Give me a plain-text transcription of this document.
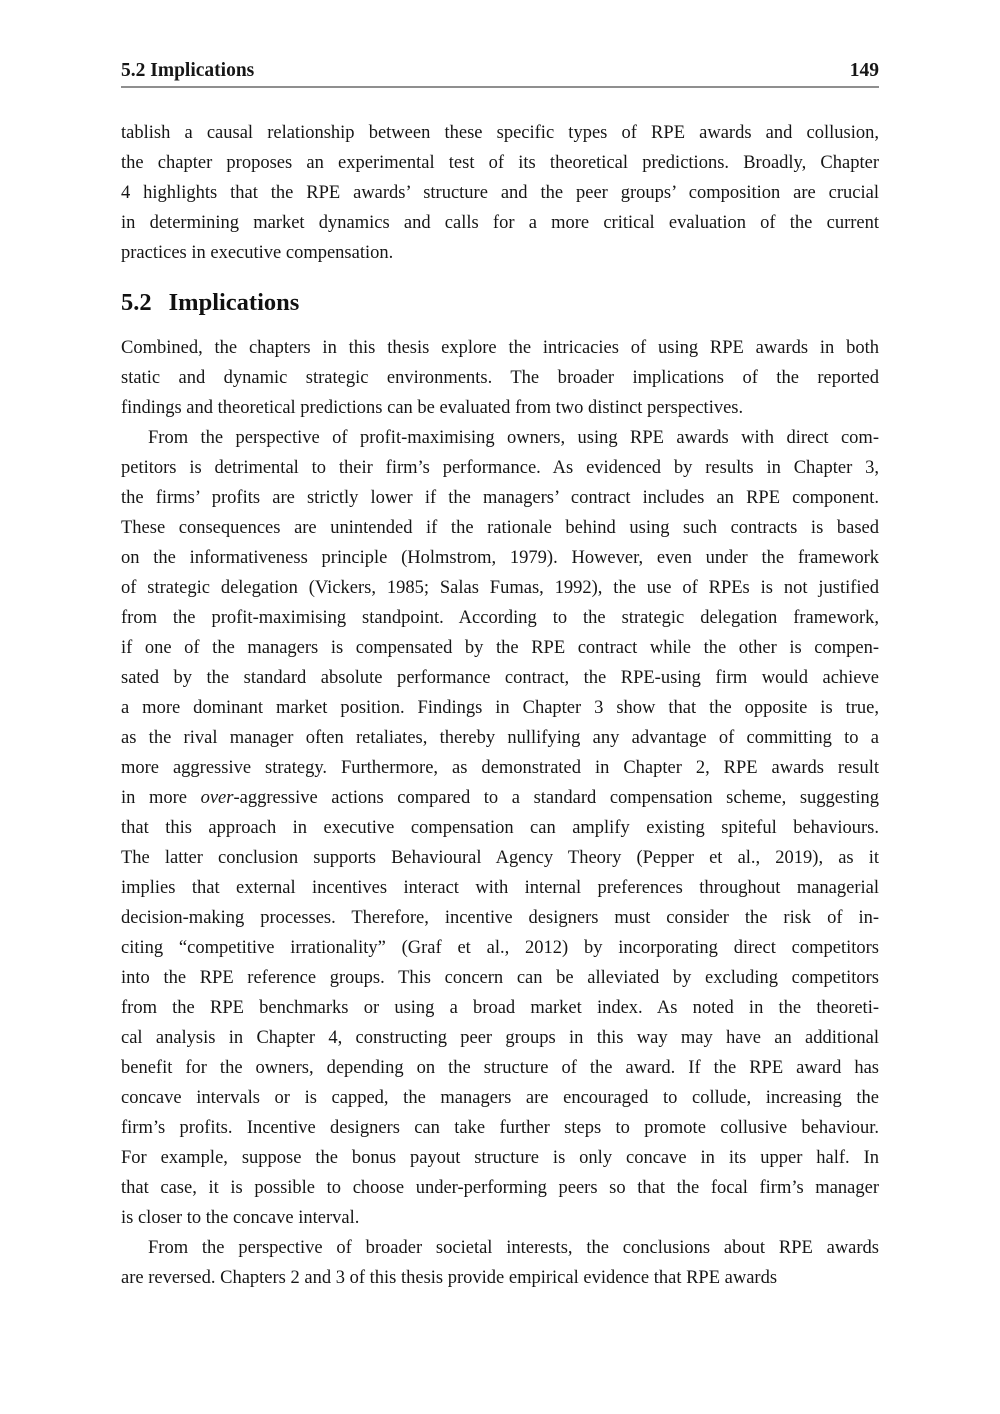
5.2 Implications	149
tablish a causal relationship between these specific types of RPE awards and collusion,
the chapter proposes an experimental test of its theoretical predictions. Broadly, Chapter
4 highlights that the RPE awards’ structure and the peer groups’ composition are crucial
in determining market dynamics and calls for a more critical evaluation of the current
practices in executive compensation.
5.2 Implications
Combined, the chapters in this thesis explore the intricacies of using RPE awards in both
static and dynamic strategic environments. The broader implications of the reported
findings and theoretical predictions can be evaluated from two distinct perspectives.
From the perspective of profit-maximising owners, using RPE awards with direct com-
petitors is detrimental to their firm’s performance. As evidenced by results in Chapter 3,
the firms’ profits are strictly lower if the managers’ contract includes an RPE component.
These consequences are unintended if the rationale behind using such contracts is based
on the informativeness principle (Holmstrom, 1979). However, even under the framework
of strategic delegation (Vickers, 1985; Salas Fumas, 1992), the use of RPEs is not justified
from the profit-maximising standpoint. According to the strategic delegation framework,
if one of the managers is compensated by the RPE contract while the other is compen-
sated by the standard absolute performance contract, the RPE-using firm would achieve
a more dominant market position. Findings in Chapter 3 show that the opposite is true,
as the rival manager often retaliates, thereby nullifying any advantage of committing to a
more aggressive strategy. Furthermore, as demonstrated in Chapter 2, RPE awards result
in more over-aggressive actions compared to a standard compensation scheme, suggesting
that this approach in executive compensation can amplify existing spiteful behaviours.
The latter conclusion supports Behavioural Agency Theory (Pepper et al., 2019), as it
implies that external incentives interact with internal preferences throughout managerial
decision-making processes. Therefore, incentive designers must consider the risk of in-
citing “competitive irrationality” (Graf et al., 2012) by incorporating direct competitors
into the RPE reference groups. This concern can be alleviated by excluding competitors
from the RPE benchmarks or using a broad market index. As noted in the theoreti-
cal analysis in Chapter 4, constructing peer groups in this way may have an additional
benefit for the owners, depending on the structure of the award. If the RPE award has
concave intervals or is capped, the managers are encouraged to collude, increasing the
firm’s profits. Incentive designers can take further steps to promote collusive behaviour.
For example, suppose the bonus payout structure is only concave in its upper half. In
that case, it is possible to choose under-performing peers so that the focal firm’s manager
is closer to the concave interval.
From the perspective of broader societal interests, the conclusions about RPE awards
are reversed. Chapters 2 and 3 of this thesis provide empirical evidence that RPE awards
